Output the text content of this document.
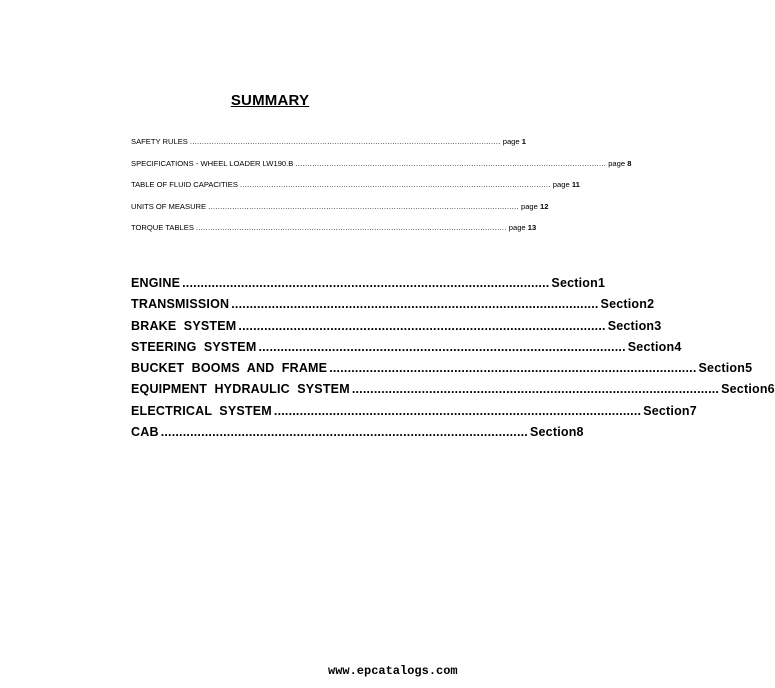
SUMMARY
SAFETY RULES ................................................................................................................................. page 1
SPECIFICATIONS - WHEEL LOADER LW190.B ................................................................................................................................. page 8
TABLE OF FLUID CAPACITIES ................................................................................................................................. page 11
UNITS OF MEASURE ................................................................................................................................. page 12
TORQUE TABLES ................................................................................................................................. page 13
ENGINE .................................................................................................... Section 1
TRANSMISSION .................................................................................................... Section 2
BRAKE  SYSTEM .................................................................................................... Section 3
STEERING  SYSTEM .................................................................................................... Section 4
BUCKET  BOOMS  AND  FRAME .................................................................................................... Section 5
EQUIPMENT  HYDRAULIC  SYSTEM .................................................................................................... Section 6
ELECTRICAL  SYSTEM .................................................................................................... Section 7
CAB .................................................................................................... Section 8
www.epcatalogs.com
